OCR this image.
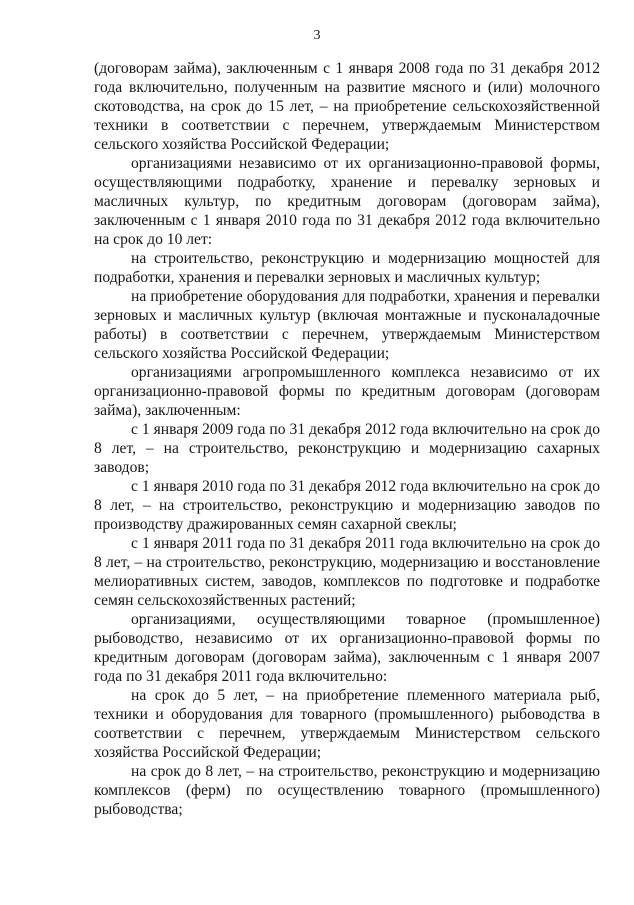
3

(договорам займа), заключенным с 1 января 2008 года по 31 декабря 2012 года включительно, полученным на развитие мясного и (или) молочного скотоводства, на срок до 15 лет, – на приобретение сельскохозяйственной техники в соответствии с перечнем, утверждаемым Министерством сельского хозяйства Российской Федерации;

организациями независимо от их организационно-правовой формы, осуществляющими подработку, хранение и перевалку зерновых и масличных культур, по кредитным договорам (договорам займа), заключенным с 1 января 2010 года по 31 декабря 2012 года включительно на срок до 10 лет:

на строительство, реконструкцию и модернизацию мощностей для подработки, хранения и перевалки зерновых и масличных культур;

на приобретение оборудования для подработки, хранения и перевалки зерновых и масличных культур (включая монтажные и пусконаладочные работы) в соответствии с перечнем, утверждаемым Министерством сельского хозяйства Российской Федерации;

организациями агропромышленного комплекса независимо от их организационно-правовой формы по кредитным договорам (договорам займа), заключенным:

с 1 января 2009 года по 31 декабря 2012 года включительно на срок до 8 лет, – на строительство, реконструкцию и модернизацию сахарных заводов;

с 1 января 2010 года по 31 декабря 2012 года включительно на срок до 8 лет, – на строительство, реконструкцию и модернизацию заводов по производству дражированных семян сахарной свеклы;

с 1 января 2011 года по 31 декабря 2011 года включительно на срок до 8 лет, – на строительство, реконструкцию, модернизацию и восстановление мелиоративных систем, заводов, комплексов по подготовке и подработке семян сельскохозяйственных растений;

организациями, осуществляющими товарное (промышленное) рыбоводство, независимо от их организационно-правовой формы по кредитным договорам (договорам займа), заключенным с 1 января 2007 года по 31 декабря 2011 года включительно:

на срок до 5 лет, – на приобретение племенного материала рыб, техники и оборудования для товарного (промышленного) рыбоводства в соответствии с перечнем, утверждаемым Министерством сельского хозяйства Российской Федерации;

на срок до 8 лет, – на строительство, реконструкцию и модернизацию комплексов (ферм) по осуществлению товарного (промышленного) рыбоводства;
